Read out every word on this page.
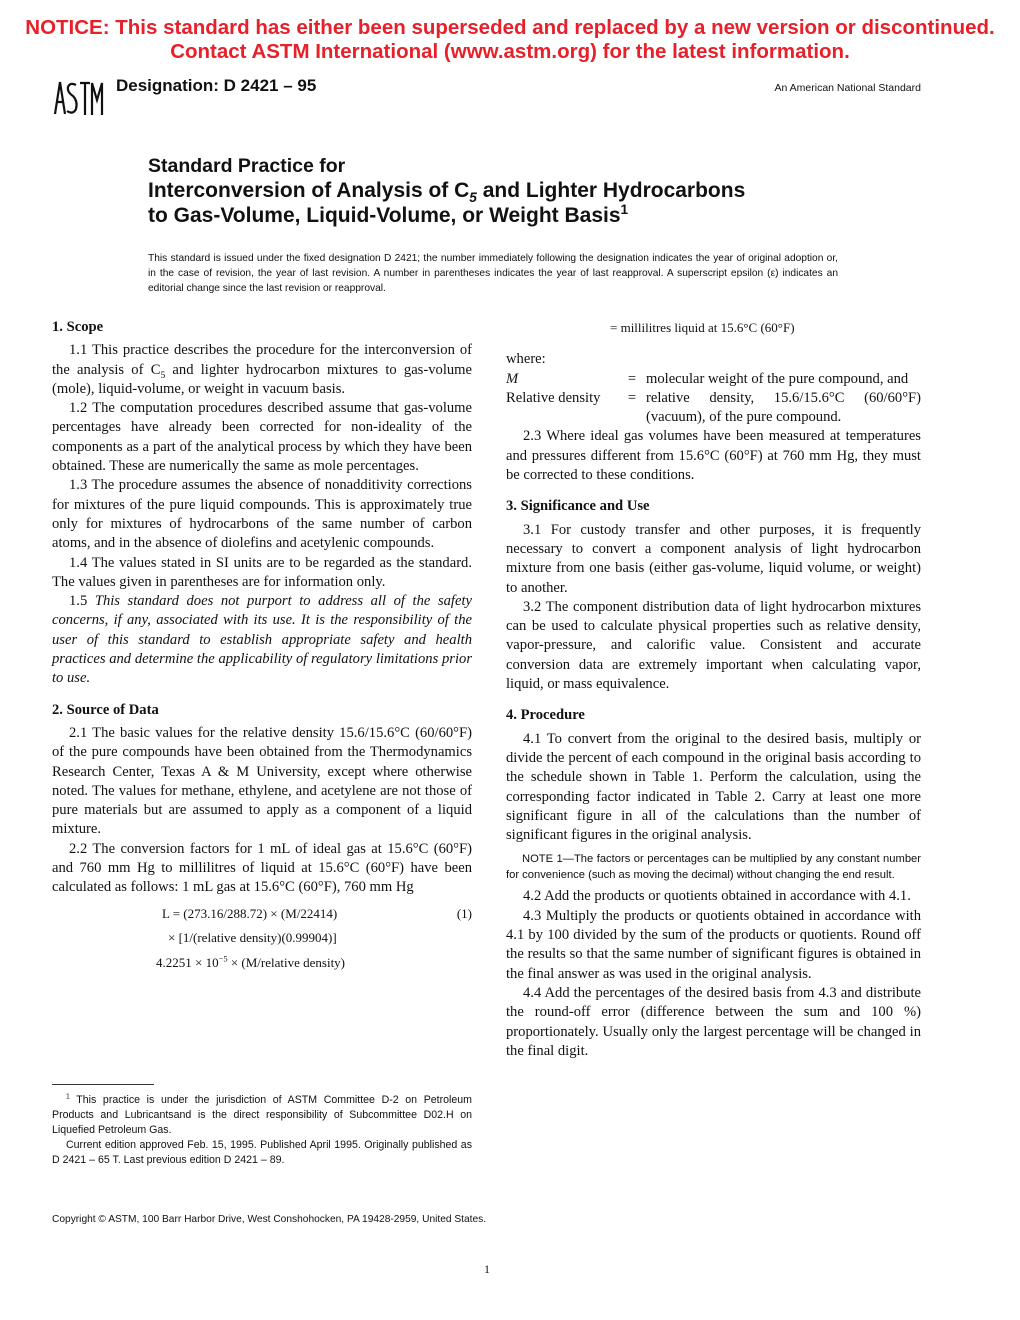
NOTICE: This standard has either been superseded and replaced by a new version or discontinued.
Contact ASTM International (www.astm.org) for the latest information.
Designation: D 2421 – 95	An American National Standard
Standard Practice for
Interconversion of Analysis of $C_5$ and Lighter Hydrocarbons
to Gas-Volume, Liquid-Volume, or Weight Basis$^1$
This standard is issued under the fixed designation D 2421; the number immediately following the designation indicates the year of original adoption or, in the case of revision, the year of last revision. A number in parentheses indicates the year of last reapproval. A superscript epsilon (ε) indicates an editorial change since the last revision or reapproval.
1. Scope

1.1 This practice describes the procedure for the interconversion of the analysis of $C_5$ and lighter hydrocarbon mixtures to gas-volume (mole), liquid-volume, or weight in vacuum basis.

1.2 The computation procedures described assume that gas-volume percentages have already been corrected for non-ideality of the components as a part of the analytical process by which they have been obtained. These are numerically the same as mole percentages.

1.3 The procedure assumes the absence of nonadditivity corrections for mixtures of the pure liquid compounds. This is approximately true only for mixtures of hydrocarbons of the same number of carbon atoms, and in the absence of diolefins and acetylenic compounds.

1.4 The values stated in SI units are to be regarded as the standard. The values given in parentheses are for information only.

1.5 This standard does not purport to address all of the safety concerns, if any, associated with its use. It is the responsibility of the user of this standard to establish appropriate safety and health practices and determine the applicability of regulatory limitations prior to use.

2. Source of Data

2.1 The basic values for the relative density 15.6/15.6°C (60/60°F) of the pure compounds have been obtained from the Thermodynamics Research Center, Texas A & M University, except where otherwise noted. The values for methane, ethylene, and acetylene are not those of pure materials but are assumed to apply as a component of a liquid mixture.

2.2 The conversion factors for 1 mL of ideal gas at 15.6°C (60°F) and 760 mm Hg to millilitres of liquid at 15.6°C (60°F) have been calculated as follows: 1 mL gas at 15.6°C (60°F), 760 mm Hg

L = (273.16/288.72) × (M/22414)	(1)
× [1/(relative density)(0.99904)]
$4.2251 \times 10^{-5}$ × (M/relative density)

$^1$ This practice is under the jurisdiction of ASTM Committee D-2 on Petroleum Products and Lubricantsand is the direct responsibility of Subcommittee D02.H on Liquefied Petroleum Gas.

Current edition approved Feb. 15, 1995. Published April 1995. Originally published as D 2421 – 65 T. Last previous edition D 2421 – 89.

= millilitres liquid at 15.6°C (60°F)
where:
M	=	molecular weight of the pure compound, and
Relative density	=	relative density, 15.6/15.6°C (60/60°F) (vacuum), of the pure compound.

2.3 Where ideal gas volumes have been measured at temperatures and pressures different from 15.6°C (60°F) at 760 mm Hg, they must be corrected to these conditions.

3. Significance and Use

3.1 For custody transfer and other purposes, it is frequently necessary to convert a component analysis of light hydrocarbon mixture from one basis (either gas-volume, liquid volume, or weight) to another.

3.2 The component distribution data of light hydrocarbon mixtures can be used to calculate physical properties such as relative density, vapor-pressure, and calorific value. Consistent and accurate conversion data are extremely important when calculating vapor, liquid, or mass equivalence.

4. Procedure

4.1 To convert from the original to the desired basis, multiply or divide the percent of each compound in the original basis according to the schedule shown in Table 1. Perform the calculation, using the corresponding factor indicated in Table 2. Carry at least one more significant figure in all of the calculations than the number of significant figures in the original analysis.

NOTE 1—The factors or percentages can be multiplied by any constant number for convenience (such as moving the decimal) without changing the end result.

4.2 Add the products or quotients obtained in accordance with 4.1.

4.3 Multiply the products or quotients obtained in accordance with 4.1 by 100 divided by the sum of the products or quotients. Round off the results so that the same number of significant figures is obtained in the final answer as was used in the original analysis.

4.4 Add the percentages of the desired basis from 4.3 and distribute the round-off error (difference between the sum and 100 %) proportionately. Usually only the largest percentage will be changed in the final digit.

Copyright © ASTM, 100 Barr Harbor Drive, West Conshohocken, PA 19428-2959, United States.
1
